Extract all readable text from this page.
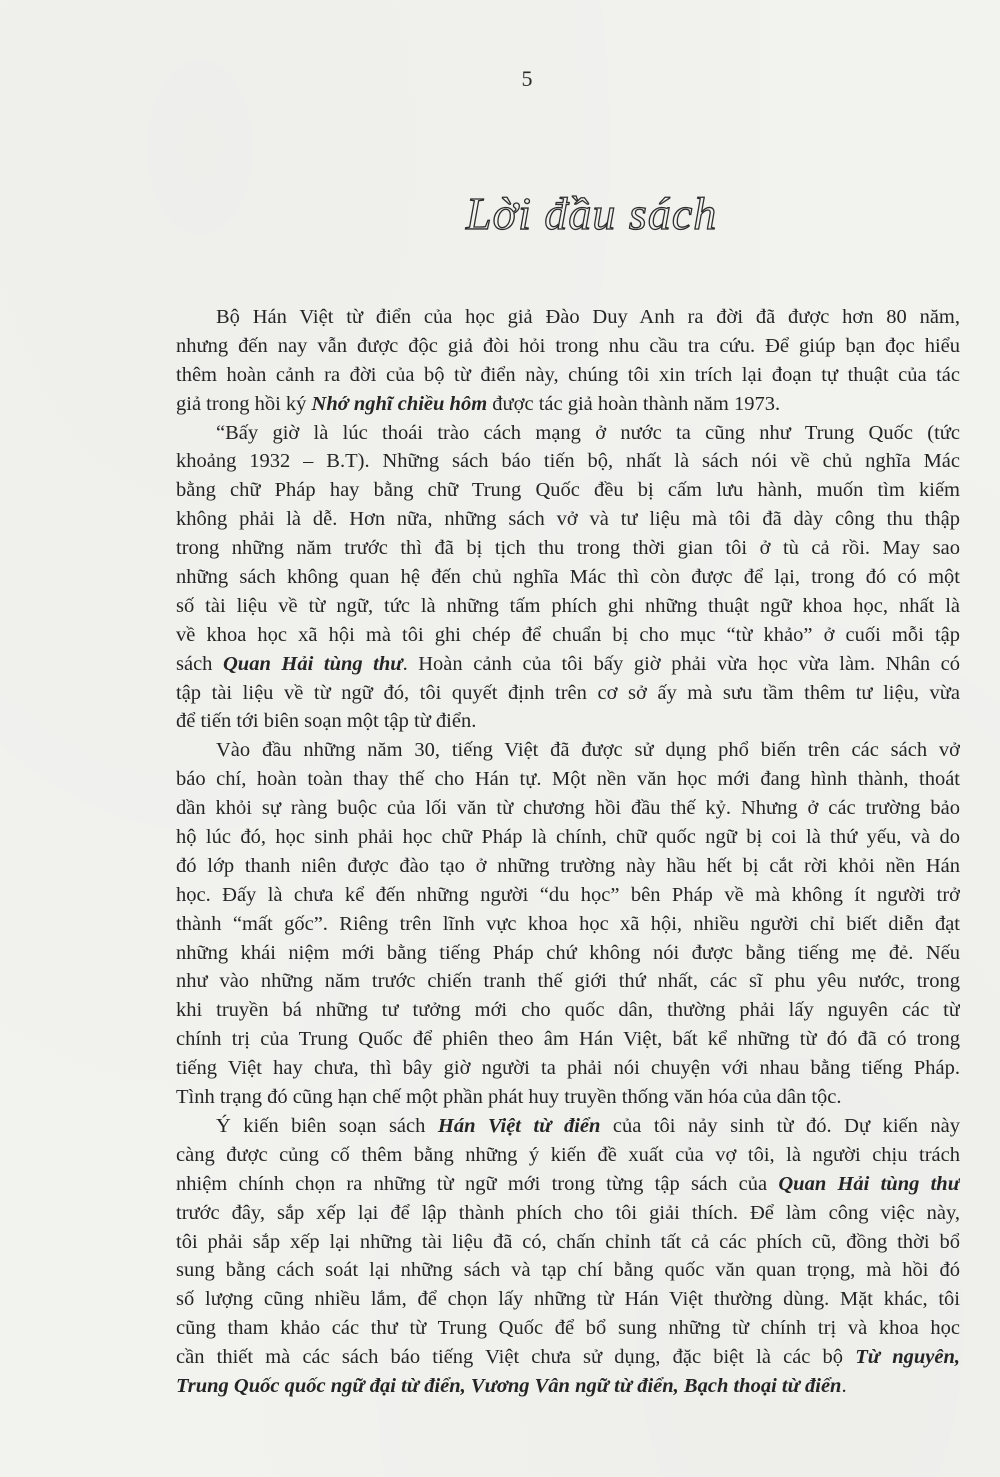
5
Lời đầu sách
Bộ Hán Việt từ điển của học giả Đào Duy Anh ra đời đã được hơn 80 năm,
nhưng đến nay vẫn được độc giả đòi hỏi trong nhu cầu tra cứu. Để giúp bạn đọc hiểu
thêm hoàn cảnh ra đời của bộ từ điển này, chúng tôi xin trích lại đoạn tự thuật của tác
giả trong hồi ký Nhớ nghĩ chiều hôm được tác giả hoàn thành năm 1973.
“Bấy giờ là lúc thoái trào cách mạng ở nước ta cũng như Trung Quốc (tức
khoảng 1932 – B.T). Những sách báo tiến bộ, nhất là sách nói về chủ nghĩa Mác
bằng chữ Pháp hay bằng chữ Trung Quốc đều bị cấm lưu hành, muốn tìm kiếm
không phải là dễ. Hơn nữa, những sách vở và tư liệu mà tôi đã dày công thu thập
trong những năm trước thì đã bị tịch thu trong thời gian tôi ở tù cả rồi. May sao
những sách không quan hệ đến chủ nghĩa Mác thì còn được để lại, trong đó có một
số tài liệu về từ ngữ, tức là những tấm phích ghi những thuật ngữ khoa học, nhất là
về khoa học xã hội mà tôi ghi chép để chuẩn bị cho mục “từ khảo” ở cuối mỗi tập
sách Quan Hải tùng thư. Hoàn cảnh của tôi bấy giờ phải vừa học vừa làm. Nhân có
tập tài liệu về từ ngữ đó, tôi quyết định trên cơ sở ấy mà sưu tầm thêm tư liệu, vừa
để tiến tới biên soạn một tập từ điển.
Vào đầu những năm 30, tiếng Việt đã được sử dụng phổ biến trên các sách vở
báo chí, hoàn toàn thay thế cho Hán tự. Một nền văn học mới đang hình thành, thoát
dần khỏi sự ràng buộc của lối văn từ chương hồi đầu thế kỷ. Nhưng ở các trường bảo
hộ lúc đó, học sinh phải học chữ Pháp là chính, chữ quốc ngữ bị coi là thứ yếu, và do
đó lớp thanh niên được đào tạo ở những trường này hầu hết bị cắt rời khỏi nền Hán
học. Đấy là chưa kể đến những người “du học” bên Pháp về mà không ít người trở
thành “mất gốc”. Riêng trên lĩnh vực khoa học xã hội, nhiều người chỉ biết diễn đạt
những khái niệm mới bằng tiếng Pháp chứ không nói được bằng tiếng mẹ đẻ. Nếu
như vào những năm trước chiến tranh thế giới thứ nhất, các sĩ phu yêu nước, trong
khi truyền bá những tư tưởng mới cho quốc dân, thường phải lấy nguyên các từ
chính trị của Trung Quốc để phiên theo âm Hán Việt, bất kể những từ đó đã có trong
tiếng Việt hay chưa, thì bây giờ người ta phải nói chuyện với nhau bằng tiếng Pháp.
Tình trạng đó cũng hạn chế một phần phát huy truyền thống văn hóa của dân tộc.
Ý kiến biên soạn sách Hán Việt từ điển của tôi nảy sinh từ đó. Dự kiến này
càng được củng cố thêm bằng những ý kiến đề xuất của vợ tôi, là người chịu trách
nhiệm chính chọn ra những từ ngữ mới trong từng tập sách của Quan Hải tùng thư
trước đây, sắp xếp lại để lập thành phích cho tôi giải thích. Để làm công việc này,
tôi phải sắp xếp lại những tài liệu đã có, chấn chỉnh tất cả các phích cũ, đồng thời bổ
sung bằng cách soát lại những sách và tạp chí bằng quốc văn quan trọng, mà hồi đó
số lượng cũng nhiều lắm, để chọn lấy những từ Hán Việt thường dùng. Mặt khác, tôi
cũng tham khảo các thư từ Trung Quốc để bổ sung những từ chính trị và khoa học
cần thiết mà các sách báo tiếng Việt chưa sử dụng, đặc biệt là các bộ Từ nguyên,
Trung Quốc quốc ngữ đại từ điển, Vương Vân ngữ từ điển, Bạch thoại từ điển.
